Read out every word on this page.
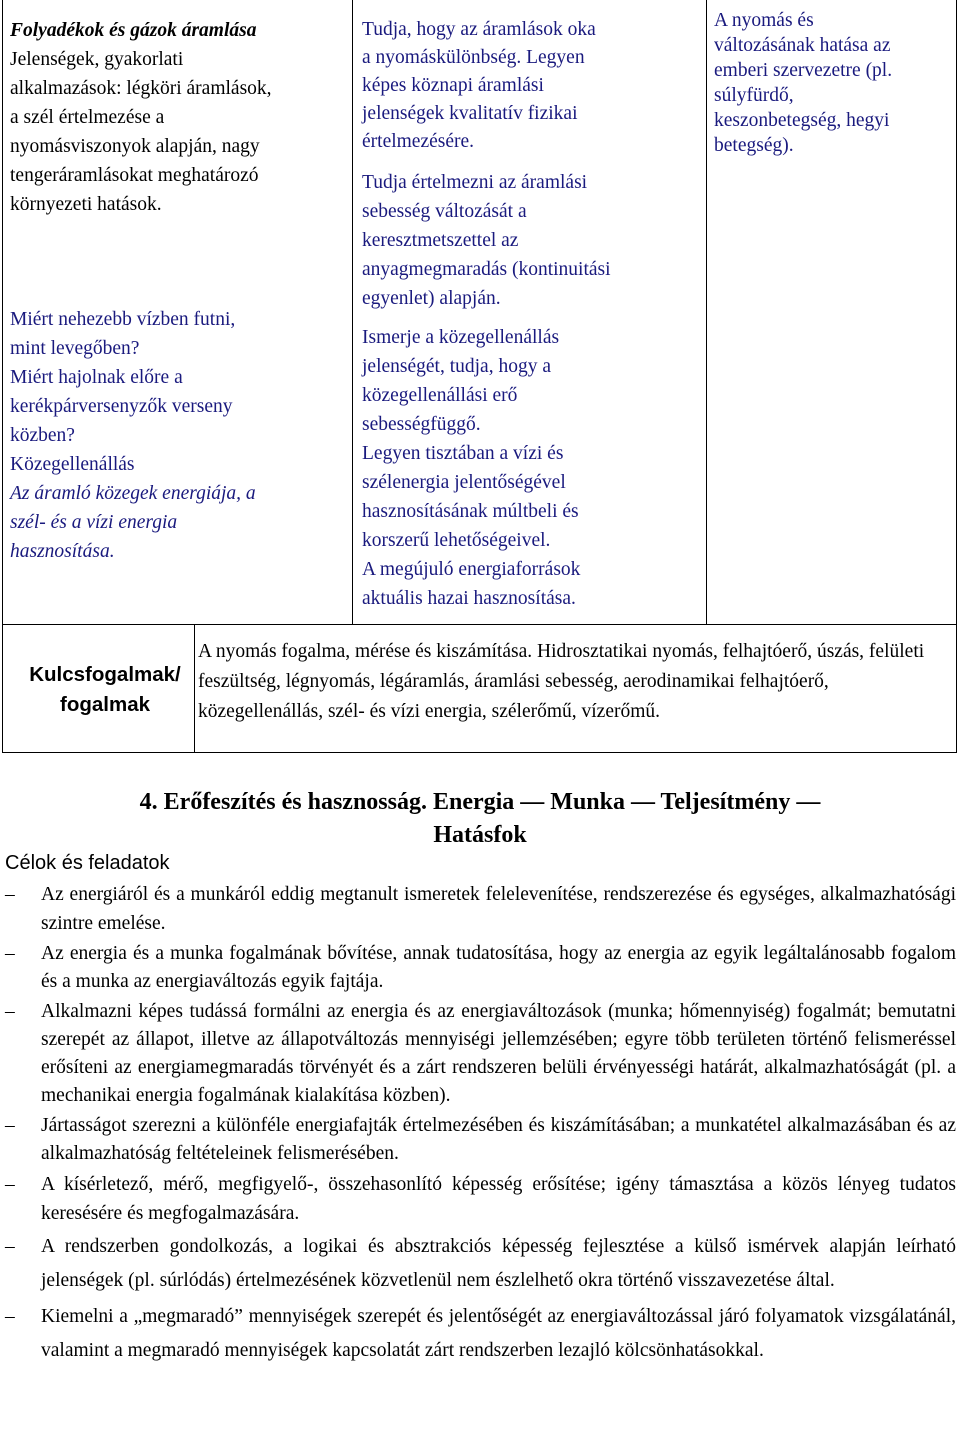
Folyadékok és gázok áramlása

Jelenségek, gyakorlati
alkalmazások: légköri áramlások,
a szél értelmezése a
nyomásviszonyok alapján, nagy
tengeráramlásokat meghatározó
környezeti hatások.

Miért nehezebb vízben futni,
mint levegőben?
Miért hajolnak előre a
kerékpárversenyzők verseny
közben?

Közegellenállás

Az áramló közegek energiája, a
szél- és a vízi energia
hasznosítása.

Tudja, hogy az áramlások oka
a nyomáskülönbség. Legyen
képes köznapi áramlási
jelenségek kvalitatív fizikai
értelmezésére.

Tudja értelmezni az áramlási
sebesség változását a
keresztmetszettel az
anyagmegmaradás (kontinuitási
egyenlet) alapján.

Ismerje a közegellenállás
jelenségét, tudja, hogy a
közegellenállási erő
sebességfüggő.
Legyen tisztában a vízi és
szélenergia jelentőségével
hasznosításának múltbeli és
korszerű lehetőségeivel.
A megújuló energiaforrások
aktuális hazai hasznosítása.

A nyomás és
változásának hatása az
emberi szervezetre (pl.
súlyfürdő,
keszonbetegség, hegyi
betegség).

Kulcsfogalmak/
fogalmak

A nyomás fogalma, mérése és kiszámítása. Hidrosztatikai nyomás, felhajtóerő, úszás, felületi feszültség, légnyomás, légáramlás, áramlási sebesség, aerodinamikai felhajtóerő, közegellenállás, szél- és vízi energia, szélerőmű, vízerőmű.

4. Erőfeszítés és hasznosság. Energia — Munka — Teljesítmény —
Hatásfok
Célok és feladatok
– Az energiáról és a munkáról eddig megtanult ismeretek felelevenítése, rendszerezése és egységes, alkalmazhatósági szintre emelése.
– Az energia és a munka fogalmának bővítése, annak tudatosítása, hogy az energia az egyik legáltalánosabb fogalom és a munka az energiaváltozás egyik fajtája.
– Alkalmazni képes tudássá formálni az energia és az energiaváltozások (munka; hőmennyiség) fogalmát; bemutatni szerepét az állapot, illetve az állapotváltozás mennyiségi jellemzésében; egyre több területen történő felismeréssel erősíteni az energiamegmaradás törvényét és a zárt rendszeren belüli érvényességi határát, alkalmazhatóságát (pl. a mechanikai energia fogalmának kialakítása közben).
– Jártasságot szerezni a különféle energiafajták értelmezésében és kiszámításában; a munkatétel alkalmazásában és az alkalmazhatóság feltételeinek felismerésében.
– A kísérletező, mérő, megfigyelő-, összehasonlító képesség erősítése; igény támasztása a közös lényeg tudatos keresésére és megfogalmazására.
– A rendszerben gondolkozás, a logikai és absztrakciós képesség fejlesztése a külső ismérvek alapján leírható jelenségek (pl. súrlódás) értelmezésének közvetlenül nem észlelhető okra történő visszavezetése által.
– Kiemelni a „megmaradó” mennyiségek szerepét és jelentőségét az energiaváltozással járó folyamatok vizsgálatánál, valamint a megmaradó mennyiségek kapcsolatát zárt rendszerben lezajló kölcsönhatásokkal.
